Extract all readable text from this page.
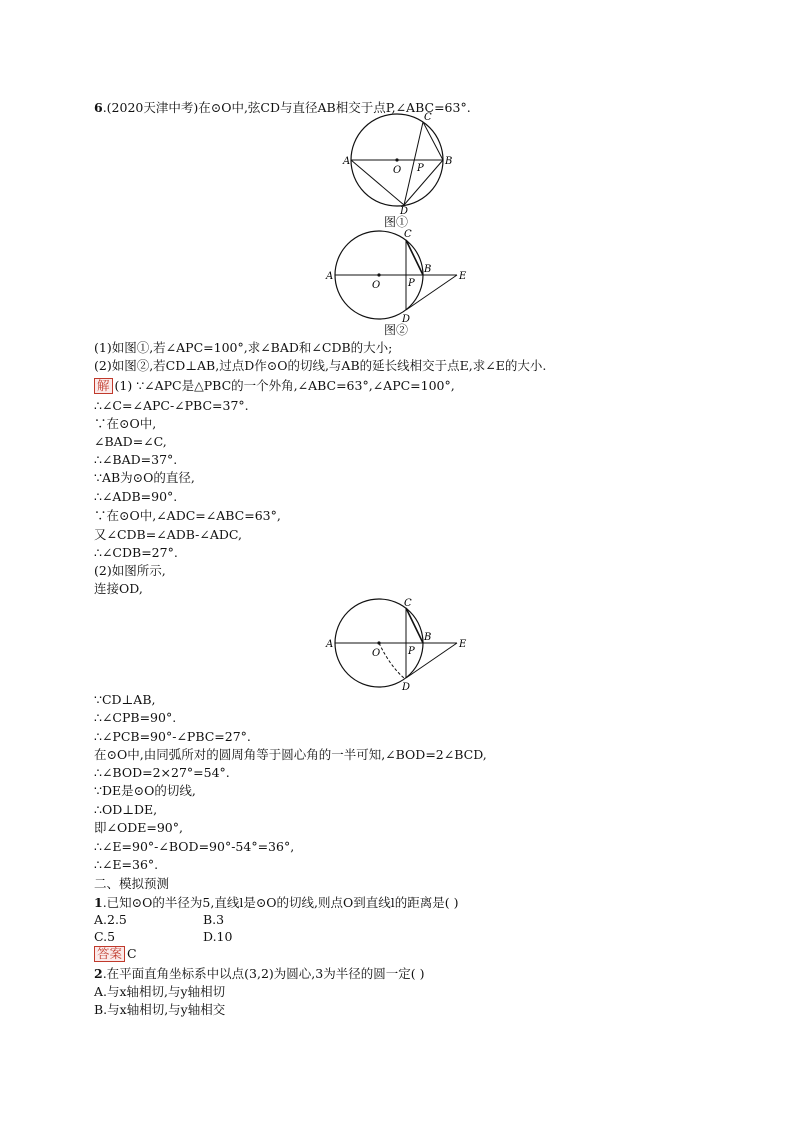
6.(2020天津中考)在⊙O中,弦CD与直径AB相交于点P,∠ABC=63°.
A	B
C
D
O P
图①
A
B
C
D
O	P
E
图②
(1)如图①,若∠APC=100°,求∠BAD和∠CDB的大小;
(2)如图②,若CD⊥AB,过点D作⊙O的切线,与AB的延长线相交于点E,求∠E的大小.
解 (1) ∵∠APC是△PBC的一个外角,∠ABC=63°,∠APC=100°,
∴∠C=∠APC-∠PBC=37°.
∵在⊙O中,
∠BAD=∠C,
∴∠BAD=37°.
∵AB为⊙O的直径,
∴∠ADB=90°.
∵在⊙O中,∠ADC=∠ABC=63°,
又∠CDB=∠ADB-∠ADC,
∴∠CDB=27°.
(2)如图所示,
连接OD,
A
B
C
D
O	P
E
∵CD⊥AB,
∴∠CPB=90°.
∴∠PCB=90°-∠PBC=27°.
在⊙O中,由同弧所对的圆周角等于圆心角的一半可知,∠BOD=2∠BCD,
∴∠BOD=2×27°=54°.
∵DE是⊙O的切线,
∴OD⊥DE,
即∠ODE=90°,
∴∠E=90°-∠BOD=90°-54°=36°,
∴∠E=36°.
二、模拟预测
1.已知⊙O的半径为5,直线l是⊙O的切线,则点O到直线l的距离是( )
A.2.5	B.3
C.5	D.10
答案 C
2.在平面直角坐标系中以点(3,2)为圆心,3为半径的圆一定( )
A.与x轴相切,与y轴相切
B.与x轴相切,与y轴相交
